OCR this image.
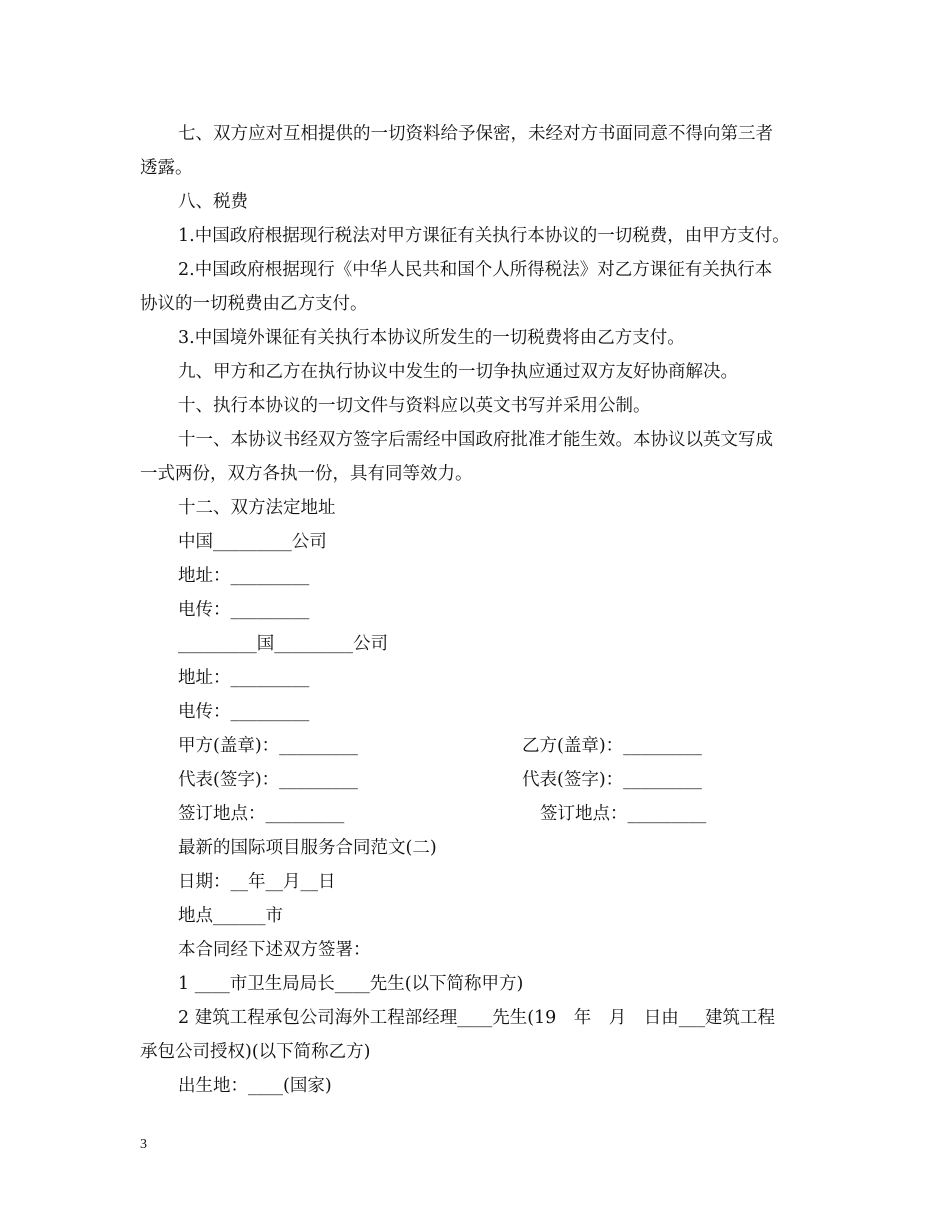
七、双方应对互相提供的一切资料给予保密，未经对方书面同意不得向第三者
透露。
八、税费
1.中国政府根据现行税法对甲方课征有关执行本协议的一切税费，由甲方支付。
2.中国政府根据现行《中华人民共和国个人所得税法》对乙方课征有关执行本
协议的一切税费由乙方支付。
3.中国境外课征有关执行本协议所发生的一切税费将由乙方支付。
九、甲方和乙方在执行协议中发生的一切争执应通过双方友好协商解决。
十、执行本协议的一切文件与资料应以英文书写并采用公制。
十一、本协议书经双方签字后需经中国政府批准才能生效。本协议以英文写成
一式两份，双方各执一份，具有同等效力。
十二、双方法定地址
中国_________公司
地址：_________
电传：_________
_________国_________公司
地址：_________
电传：_________
甲方(盖章)：_________	乙方(盖章)：_________
代表(签字)：_________	代表(签字)：_________
签订地点：_________	签订地点：_________
最新的国际项目服务合同范文(二)
日期：__年__月__日
地点______市
本合同经下述双方签署：
1 ____市卫生局局长____先生(以下简称甲方)
2 建筑工程承包公司海外工程部经理____先生(19　年　月　日由___建筑工程
承包公司授权)(以下简称乙方)
出生地：____(国家)
3
